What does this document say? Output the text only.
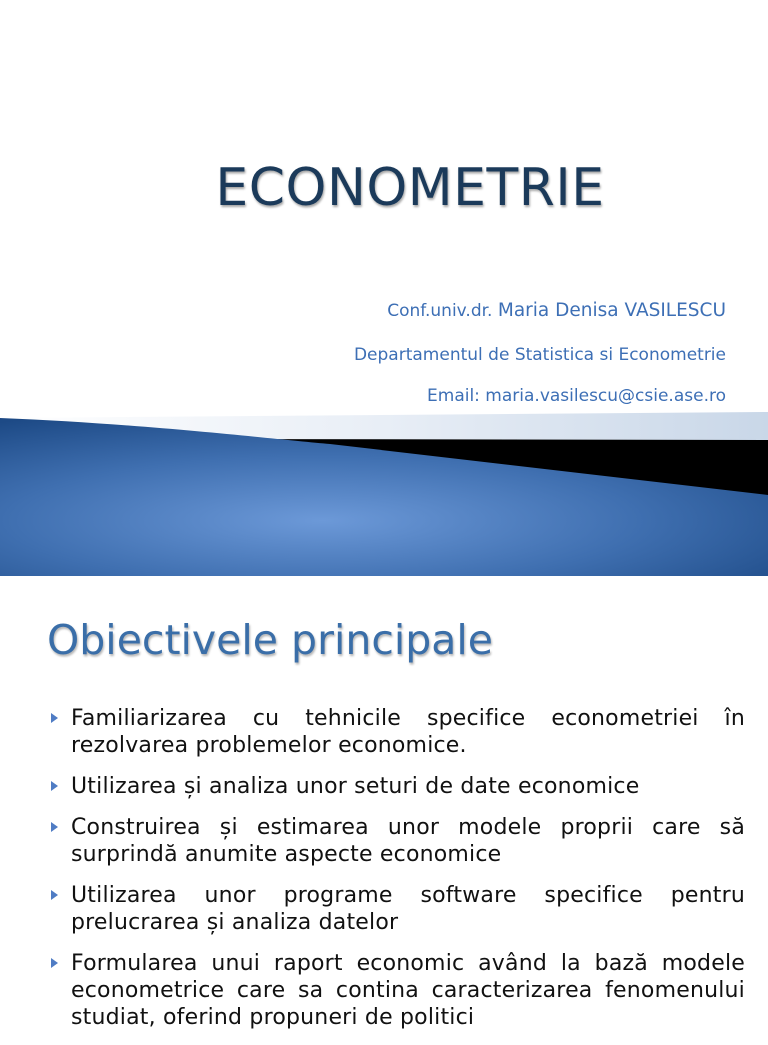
ECONOMETRIE
Conf.univ.dr. Maria Denisa VASILESCU
Departamentul de Statistica si Econometrie
Email: maria.vasilescu@csie.ase.ro
Obiectivele principale
Familiarizarea cu tehnicile specifice econometriei în rezolvarea problemelor economice.
Utilizarea și analiza unor seturi de date economice
Construirea și estimarea unor modele proprii care să surprindă anumite aspecte economice
Utilizarea unor programe software specifice pentru prelucrarea și analiza datelor
Formularea unui raport economic având la bază modele econometrice care sa contina caracterizarea fenomenului studiat, oferind propuneri de politici
